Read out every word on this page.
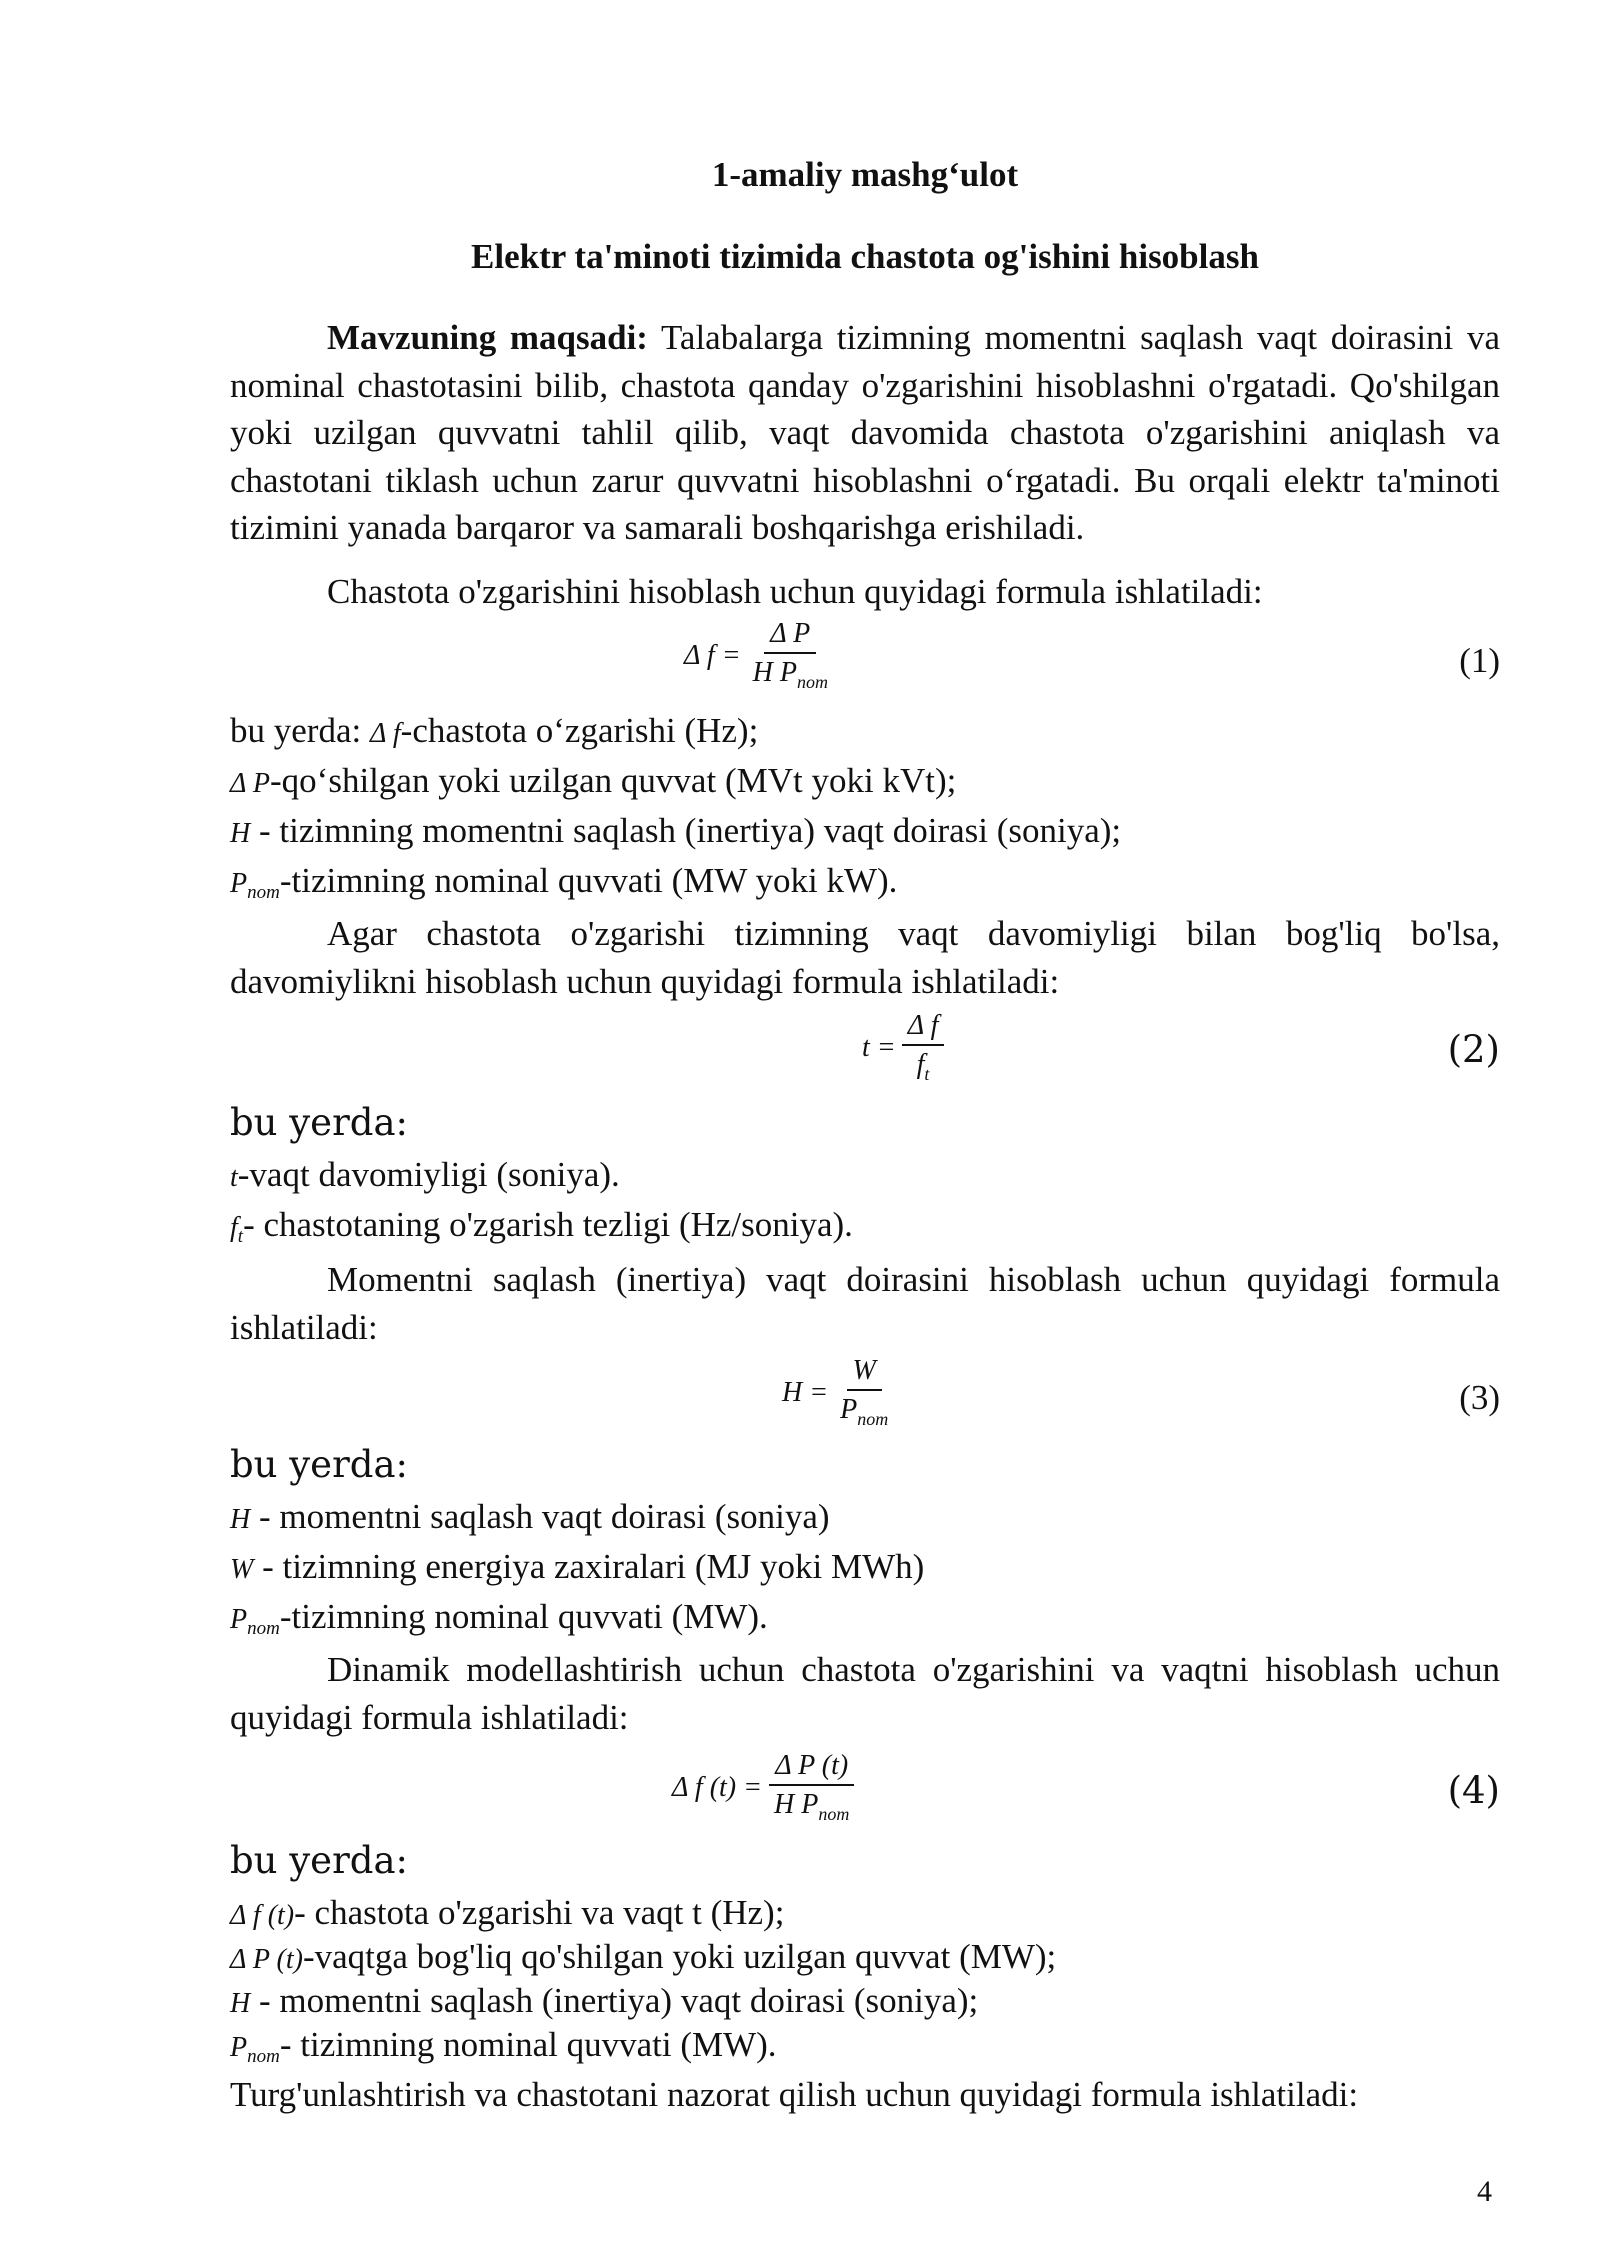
1-amaliy mashg‘ulot
Elektr ta'minoti tizimida chastota og'ishini hisoblash
Mavzuning maqsadi: Talabalarga tizimning momentni saqlash vaqt doirasini va nominal chastotasini bilib, chastota qanday o'zgarishini hisoblashni o'rgatadi. Qo'shilgan yoki uzilgan quvvatni tahlil qilib, vaqt davomida chastota o'zgarishini aniqlash va chastotani tiklash uchun zarur quvvatni hisoblashni o‘rgatadi. Bu orqali elektr ta'minoti tizimini yanada barqaror va samarali boshqarishga erishiladi.
Chastota o'zgarishini hisoblash uchun quyidagi formula ishlatiladi:
Δ $f = \frac{\text{Δ P}}{H P_{nom}}$	(1)
bu yerda: Δ f-chastota o‘zgarishi (Hz);
Δ P-qo‘shilgan yoki uzilgan quvvat (MVt yoki kVt);
H - tizimning momentni saqlash (inertiya) vaqt doirasi (soniya);
$P_{nom}$-tizimning nominal quvvati (MW yoki kW).
Agar chastota o'zgarishi tizimning vaqt davomiyligi bilan bog'liq bo'lsa, davomiylikni hisoblash uchun quyidagi formula ishlatiladi:
$t = \frac{\text{Δ f}}{f_t}$	(2)
bu yerda:
t-vaqt davomiyligi (soniya).
$f_t-$ chastotaning o'zgarish tezligi (Hz/soniya).
Momentni saqlash (inertiya) vaqt doirasini hisoblash uchun quyidagi formula ishlatiladi:
$H = \frac{W}{P_{nom}}$	(3)
bu yerda:
H - momentni saqlash vaqt doirasi (soniya)
W - tizimning energiya zaxiralari (MJ yoki MWh)
$P_{nom}$-tizimning nominal quvvati (MW).
Dinamik modellashtirish uchun chastota o'zgarishini va vaqtni hisoblash uchun quyidagi formula ishlatiladi:
Δ f $(t) = \frac{\text{Δ P (t)}}{H P_{nom}}$	(4)
bu yerda:
Δ f (t)- chastota o'zgarishi va vaqt t (Hz);
Δ P (t)-vaqtga bog'liq qo'shilgan yoki uzilgan quvvat (MW);
H - momentni saqlash (inertiya) vaqt doirasi (soniya);
$P_{nom}-$ tizimning nominal quvvati (MW).
Turg'unlashtirish va chastotani nazorat qilish uchun quyidagi formula ishlatiladi:
4
